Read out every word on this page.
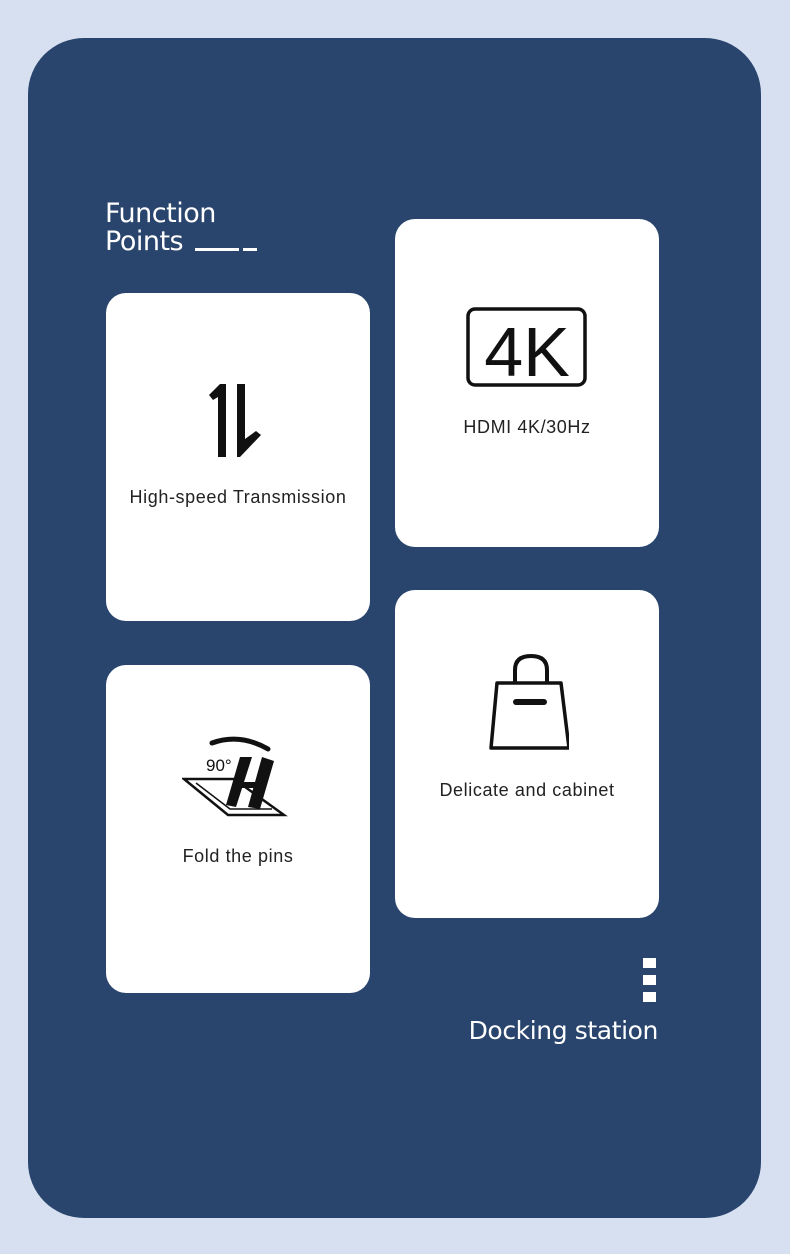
Function
Points
High-speed Transmission
4K
HDMI 4K/30Hz
90°
Fold the pins
Delicate and cabinet
Docking station
